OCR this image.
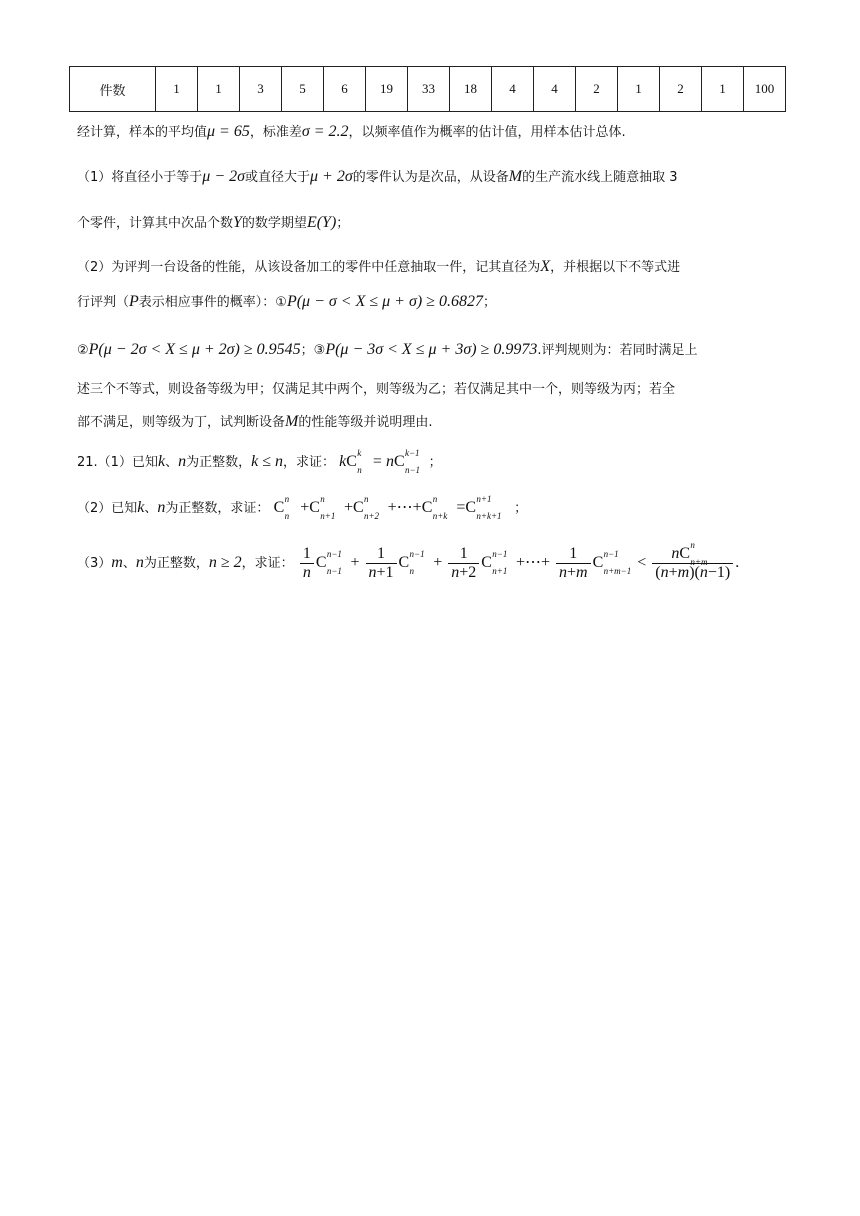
件数	1	1	3	5	6	19	33	18	4	4	2	1	2	1	100
经计算，样本的平均值μ = 65，标准差σ = 2.2，以频率值作为概率的估计值，用样本估计总体.
（1）将直径小于等于μ − 2σ或直径大于μ + 2σ的零件认为是次品，从设备M的生产流水线上随意抽取 3
个零件，计算其中次品个数Y的数学期望E(Y)；
（2）为评判一台设备的性能，从该设备加工的零件中任意抽取一件，记其直径为X，并根据以下不等式进
行评判（P表示相应事件的概率）：①P(μ − σ < X ≤ μ + σ) ≥ 0.6827；
②P(μ − 2σ < X ≤ μ + 2σ) ≥ 0.9545；③P(μ − 3σ < X ≤ μ + 3σ) ≥ 0.9973.评判规则为：若同时满足上
述三个不等式，则设备等级为甲；仅满足其中两个，则等级为乙；若仅满足其中一个，则等级为丙；若全
部不满足，则等级为丁，试判断设备M的性能等级并说明理由.
21.（1）已知k、n为正整数，k ≤ n，求证： kC k
n = nC k−1
n−1 ；
（2）已知k、n为正整数，求证： C n
n +C n
n+1 +C n
n+2 +⋯+C n
n+k =C n+1
n+k+1 ；
（3）m、n为正整数，n ≥ 2，求证： $\frac{1}{n}$ C n−1
$n-1 + \frac{1}{n+1}$ C n−1
$n + \frac{1}{n+2}$ C n−1
n+1 +⋯+ $\frac{1}{n+m}$ C n−1
n+m−1 < nC n
n+m
(n+m)(n−1) .
